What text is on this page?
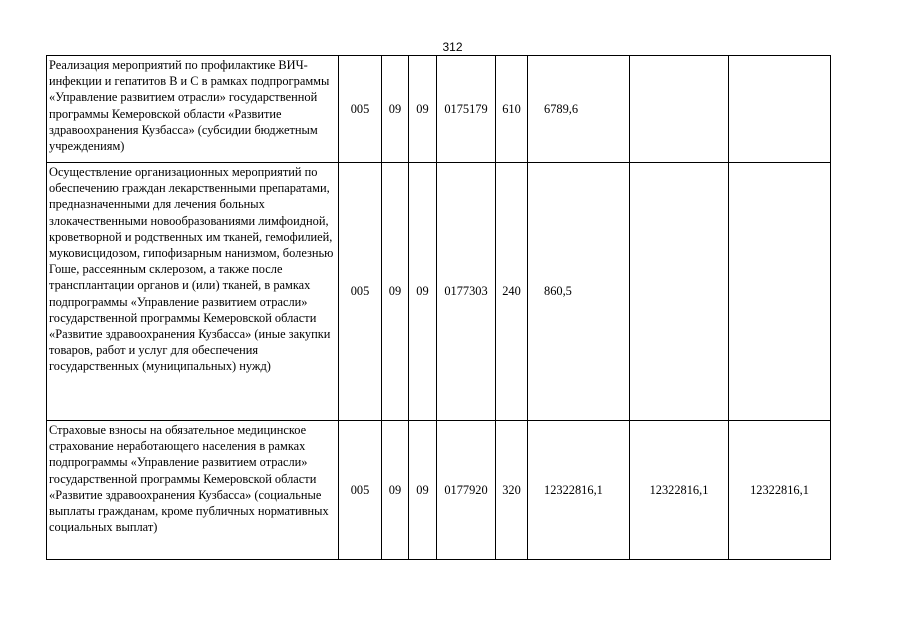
312
Реализация мероприятий по профилактике ВИЧ-инфекции и гепатитов B и C в рамках подпрограммы «Управление развитием отрасли» государственной программы Кемеровской области «Развитие здравоохранения Кузбасса» (субсидии бюджетным учреждениям)	005	09	09	0175179	610	6789,6		
Осуществление организационных мероприятий по обеспечению граждан лекарственными препаратами, предназначенными для лечения больных злокачественными новообразованиями лимфоидной, кроветворной и родственных им тканей, гемофилией, муковисцидозом, гипофизарным нанизмом, болезнью Гоше, рассеянным склерозом, а также после трансплантации органов и (или) тканей, в рамках подпрограммы «Управление развитием отрасли» государственной программы Кемеровской области «Развитие здравоохранения Кузбасса» (иные закупки товаров, работ и услуг для обеспечения государственных (муниципальных) нужд)	005	09	09	0177303	240	860,5		
Страховые взносы на обязательное медицинское страхование неработающего населения в рамках подпрограммы «Управление развитием отрасли» государственной программы Кемеровской области «Развитие здравоохранения Кузбасса» (социальные выплаты гражданам, кроме публичных нормативных социальных выплат)	005	09	09	0177920	320	12322816,1	12322816,1	12322816,1
